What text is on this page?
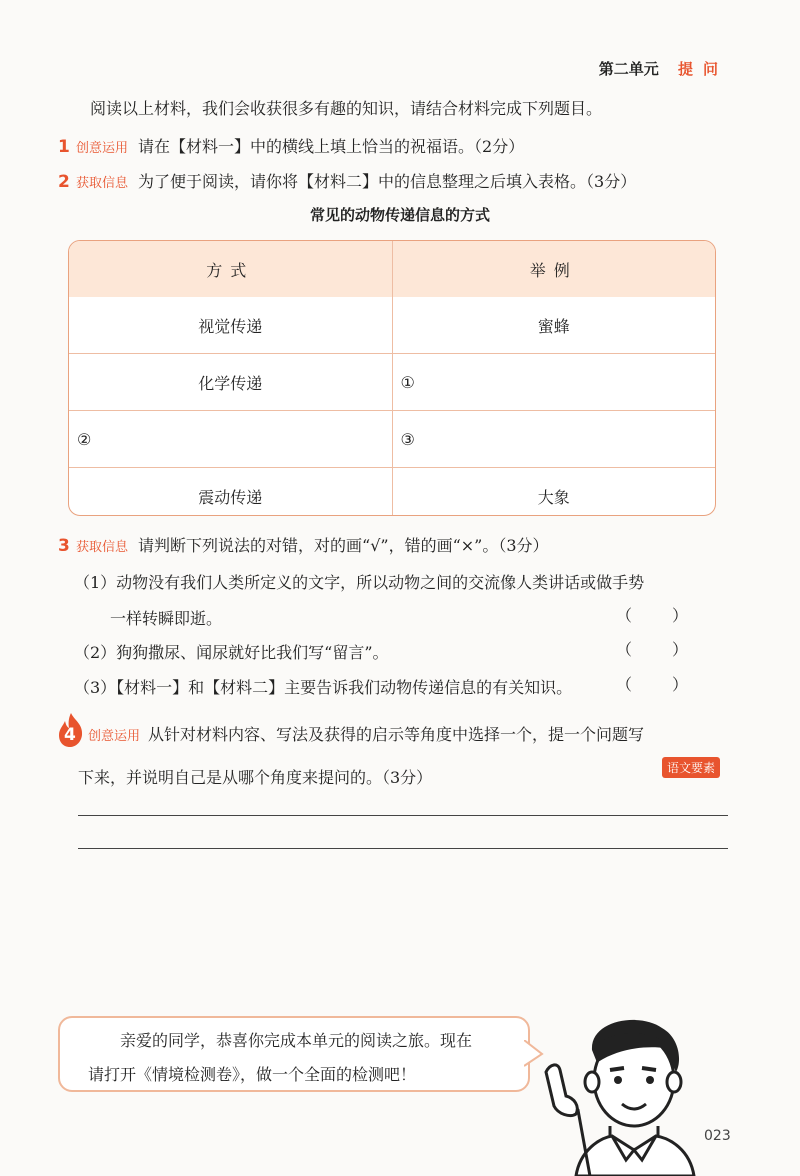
第二单元 提问
阅读以上材料，我们会收获很多有趣的知识，请结合材料完成下列题目。
1 创意运用 请在【材料一】中的横线上填上恰当的祝福语。（2分）
2 获取信息 为了便于阅读，请你将【材料二】中的信息整理之后填入表格。（3分）
常见的动物传递信息的方式
方式	举例
视觉传递	蜜蜂
化学传递	①
②	③
震动传递	大象
3 获取信息 请判断下列说法的对错，对的画“√”，错的画“×”。（3分）
（1）动物没有我们人类所定义的文字，所以动物之间的交流像人类讲话或做手势
一样转瞬即逝。	（）
（2）狗狗撒尿、闻尿就好比我们写“留言”。	（）
（3）【材料一】和【材料二】主要告诉我们动物传递信息的有关知识。	（）
4 创意运用 从针对材料内容、写法及获得的启示等角度中选择一个，提一个问题写
下来，并说明自己是从哪个角度来提问的。（3分）	语文要素
亲爱的同学，恭喜你完成本单元的阅读之旅。现在
请打开《情境检测卷》，做一个全面的检测吧！
023
